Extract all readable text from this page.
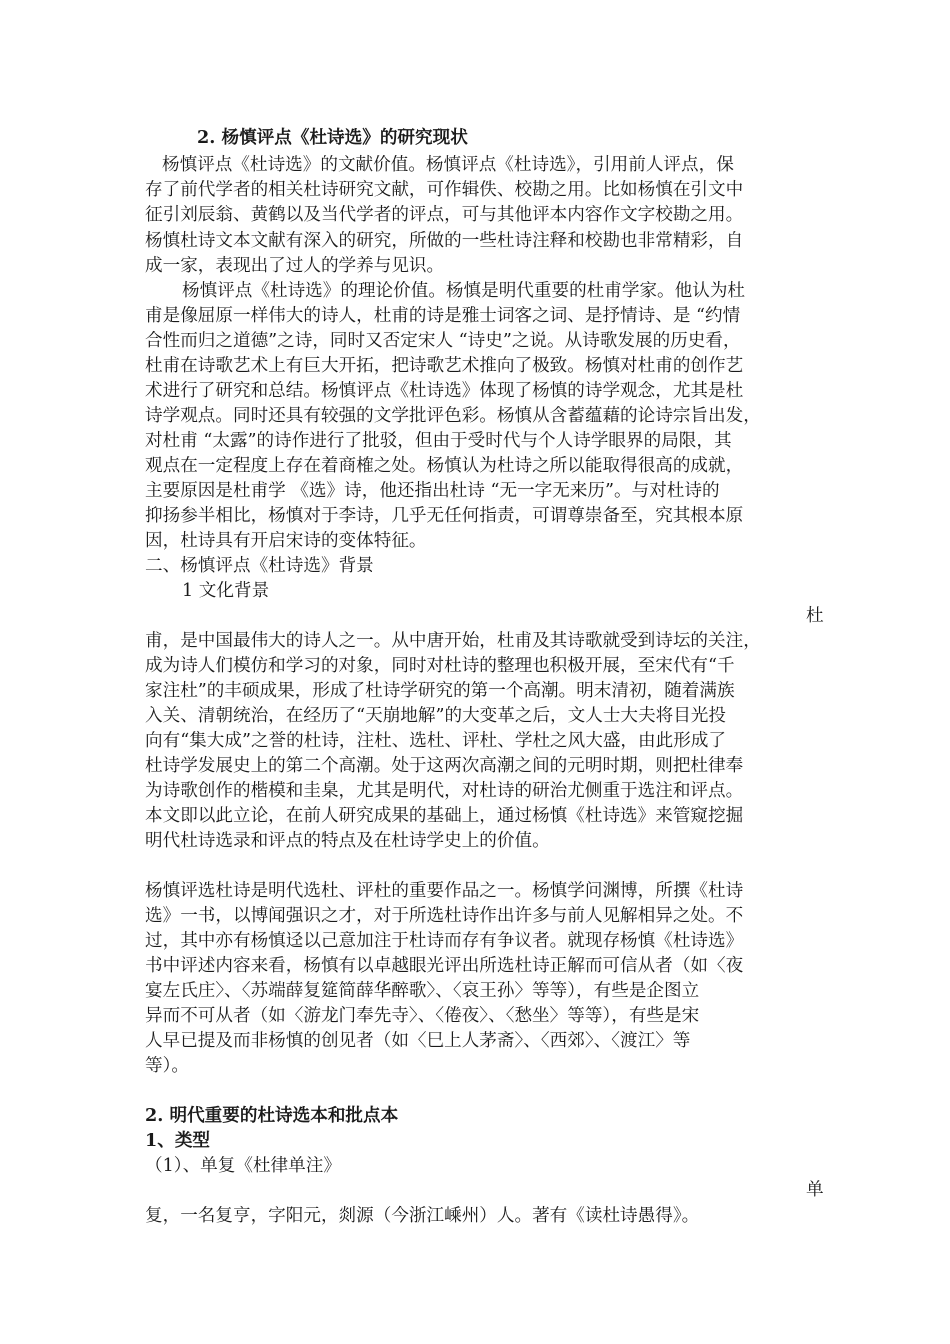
2. 杨慎评点《杜诗选》的研究现状
杨慎评点《杜诗选》的文献价值。杨慎评点《杜诗选》，引用前人评点，保
存了前代学者的相关杜诗研究文献，可作辑佚、校勘之用。比如杨慎在引文中
征引刘辰翁、黄鹤以及当代学者的评点，可与其他评本内容作文字校勘之用。
杨慎杜诗文本文献有深入的研究，所做的一些杜诗注释和校勘也非常精彩，自
成一家，表现出了过人的学养与见识。
杨慎评点《杜诗选》的理论价值。杨慎是明代重要的杜甫学家。他认为杜
甫是像屈原一样伟大的诗人，杜甫的诗是雅士词客之词、是抒情诗、是 “约情
合性而归之道德”之诗，同时又否定宋人 “诗史”之说。从诗歌发展的历史看，
杜甫在诗歌艺术上有巨大开拓，把诗歌艺术推向了极致。杨慎对杜甫的创作艺
术进行了研究和总结。杨慎评点《杜诗选》体现了杨慎的诗学观念，尤其是杜
诗学观点。同时还具有较强的文学批评色彩。杨慎从含蓄蕴藉的论诗宗旨出发，
对杜甫 “太露”的诗作进行了批驳，但由于受时代与个人诗学眼界的局限，其
观点在一定程度上存在着商榷之处。杨慎认为杜诗之所以能取得很高的成就，
主要原因是杜甫学 《选》诗，他还指出杜诗 “无一字无来历”。与对杜诗的
抑扬参半相比，杨慎对于李诗，几乎无任何指责，可谓尊崇备至，究其根本原
因，杜诗具有开启宋诗的变体特征。
二、杨慎评点《杜诗选》背景
1 文化背景
杜
甫，是中国最伟大的诗人之一。从中唐开始，杜甫及其诗歌就受到诗坛的关注，
成为诗人们模仿和学习的对象，同时对杜诗的整理也积极开展，至宋代有“千
家注杜”的丰硕成果，形成了杜诗学研究的第一个高潮。明末清初，随着满族
入关、清朝统治，在经历了“天崩地解”的大变革之后，文人士大夫将目光投
向有“集大成”之誉的杜诗，注杜、选杜、评杜、学杜之风大盛，由此形成了
杜诗学发展史上的第二个高潮。处于这两次高潮之间的元明时期，则把杜律奉
为诗歌创作的楷模和圭臬，尤其是明代，对杜诗的研治尤侧重于选注和评点。
本文即以此立论，在前人研究成果的基础上，通过杨慎《杜诗选》来管窥挖掘
明代杜诗选录和评点的特点及在杜诗学史上的价值。
杨慎评选杜诗是明代选杜、评杜的重要作品之一。杨慎学问渊博，所撰《杜诗
选》一书，以博闻强识之才，对于所选杜诗作出许多与前人见解相异之处。不
过，其中亦有杨慎迳以己意加注于杜诗而存有争议者。就现存杨慎《杜诗选》
书中评述内容来看，杨慎有以卓越眼光评出所选杜诗正解而可信从者（如〈夜
宴左氏庄〉、〈苏端薛复筵简薛华醉歌〉、〈哀王孙〉等等），有些是企图立
异而不可从者（如〈游龙门奉先寺〉、〈倦夜〉、〈愁坐〉等等），有些是宋
人早已提及而非杨慎的创见者（如〈巳上人茅斋〉、〈西郊〉、〈渡江〉等
等）。
2. 明代重要的杜诗选本和批点本
1、类型
（1）、单复《杜律单注》
单
复，一名复亨，字阳元，剡源（今浙江嵊州）人。著有《读杜诗愚得》。
